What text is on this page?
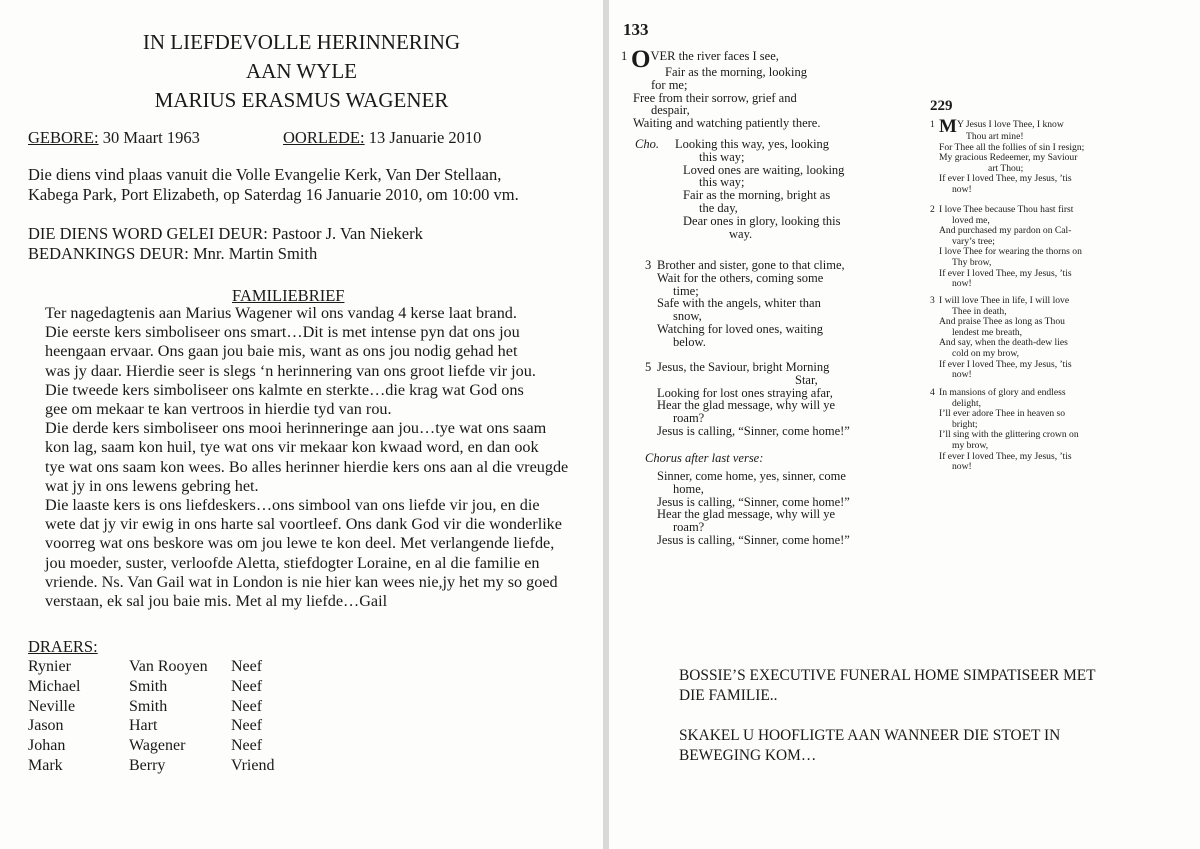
IN LIEFDEVOLLE HERINNERING
AAN WYLE
MARIUS ERASMUS WAGENER
GEBORE: 30 Maart 1963	OORLEDE: 13 Januarie 2010
Die diens vind plaas vanuit die Volle Evangelie Kerk, Van Der Stellaan,
Kabega Park, Port Elizabeth, op Saterdag 16 Januarie 2010, om 10:00 vm.
DIE DIENS WORD GELEI DEUR: Pastoor J. Van Niekerk
BEDANKINGS DEUR: Mnr. Martin Smith
FAMILIEBRIEF

Ter nagedagtenis aan Marius Wagener wil ons vandag 4 kerse laat brand.

Die eerste kers simboliseer ons smart…Dit is met intense pyn dat ons jou

heengaan ervaar. Ons gaan jou baie mis, want as ons jou nodig gehad het

was jy daar. Hierdie seer is slegs ‘n herinnering van ons groot liefde vir jou.

Die tweede kers simboliseer ons kalmte en sterkte…die krag wat God ons

gee om mekaar te kan vertroos in hierdie tyd van rou.

Die derde kers simboliseer ons mooi herinneringe aan jou…tye wat ons saam

kon lag, saam kon huil, tye wat ons vir mekaar kon kwaad word, en dan ook

tye wat ons saam kon wees. Bo alles herinner hierdie kers ons aan al die vreugde

wat jy in ons lewens gebring het.

Die laaste kers is ons liefdeskers…ons simbool van ons liefde vir jou, en die

wete dat jy vir ewig in ons harte sal voortleef. Ons dank God vir die wonderlike

voorreg wat ons beskore was om jou lewe te kon deel. Met verlangende liefde,

jou moeder, suster, verloofde Aletta, stiefdogter Loraine, en al die familie en

vriende. Ns. Van Gail wat in London is nie hier kan wees nie,jy het my so goed

verstaan, ek sal jou baie mis. Met al my liefde…Gail

DRAERS:
Rynier	Van Rooyen	Neef
Michael	Smith	Neef
Neville	Smith	Neef
Jason	Hart	Neef
Johan	Wagener	Neef
Mark	Berry	Vriend
133
1 OVER the river faces I see,
Fair as the morning, looking
for me;
Free from their sorrow, grief and
despair,
Waiting and watching patiently there.
Cho. Looking this way, yes, looking
this way;
Loved ones are waiting, looking
this way;
Fair as the morning, bright as
the day,
Dear ones in glory, looking this
way.
3 Brother and sister, gone to that clime,
Wait for the others, coming some
time;
Safe with the angels, whiter than
snow,
Watching for loved ones, waiting
below.
5 Jesus, the Saviour, bright Morning
Star,
Looking for lost ones straying afar,
Hear the glad message, why will ye
roam?
Jesus is calling, “Sinner, come home!”
Chorus after last verse:
Sinner, come home, yes, sinner, come
home,
Jesus is calling, “Sinner, come home!”
Hear the glad message, why will ye
roam?
Jesus is calling, “Sinner, come home!”
229
1 MY Jesus I love Thee, I know
Thou art mine!
For Thee all the follies of sin I resign;
My gracious Redeemer, my Saviour
art Thou;
If ever I loved Thee, my Jesus, ’tis
now!
2 I love Thee because Thou hast first
loved me,
And purchased my pardon on Cal-
vary’s tree;
I love Thee for wearing the thorns on
Thy brow,
If ever I loved Thee, my Jesus, ’tis
now!
3 I will love Thee in life, I will love
Thee in death,
And praise Thee as long as Thou
lendest me breath,
And say, when the death-dew lies
cold on my brow,
If ever I loved Thee, my Jesus, ’tis
now!
4 In mansions of glory and endless
delight,
I’ll ever adore Thee in heaven so
bright;
I’ll sing with the glittering crown on
my brow,
If ever I loved Thee, my Jesus, ’tis
now!
BOSSIE’S EXECUTIVE FUNERAL HOME SIMPATISEER MET
DIE FAMILIE..
SKAKEL U HOOFLIGTE AAN WANNEER DIE STOET IN
BEWEGING KOM…
